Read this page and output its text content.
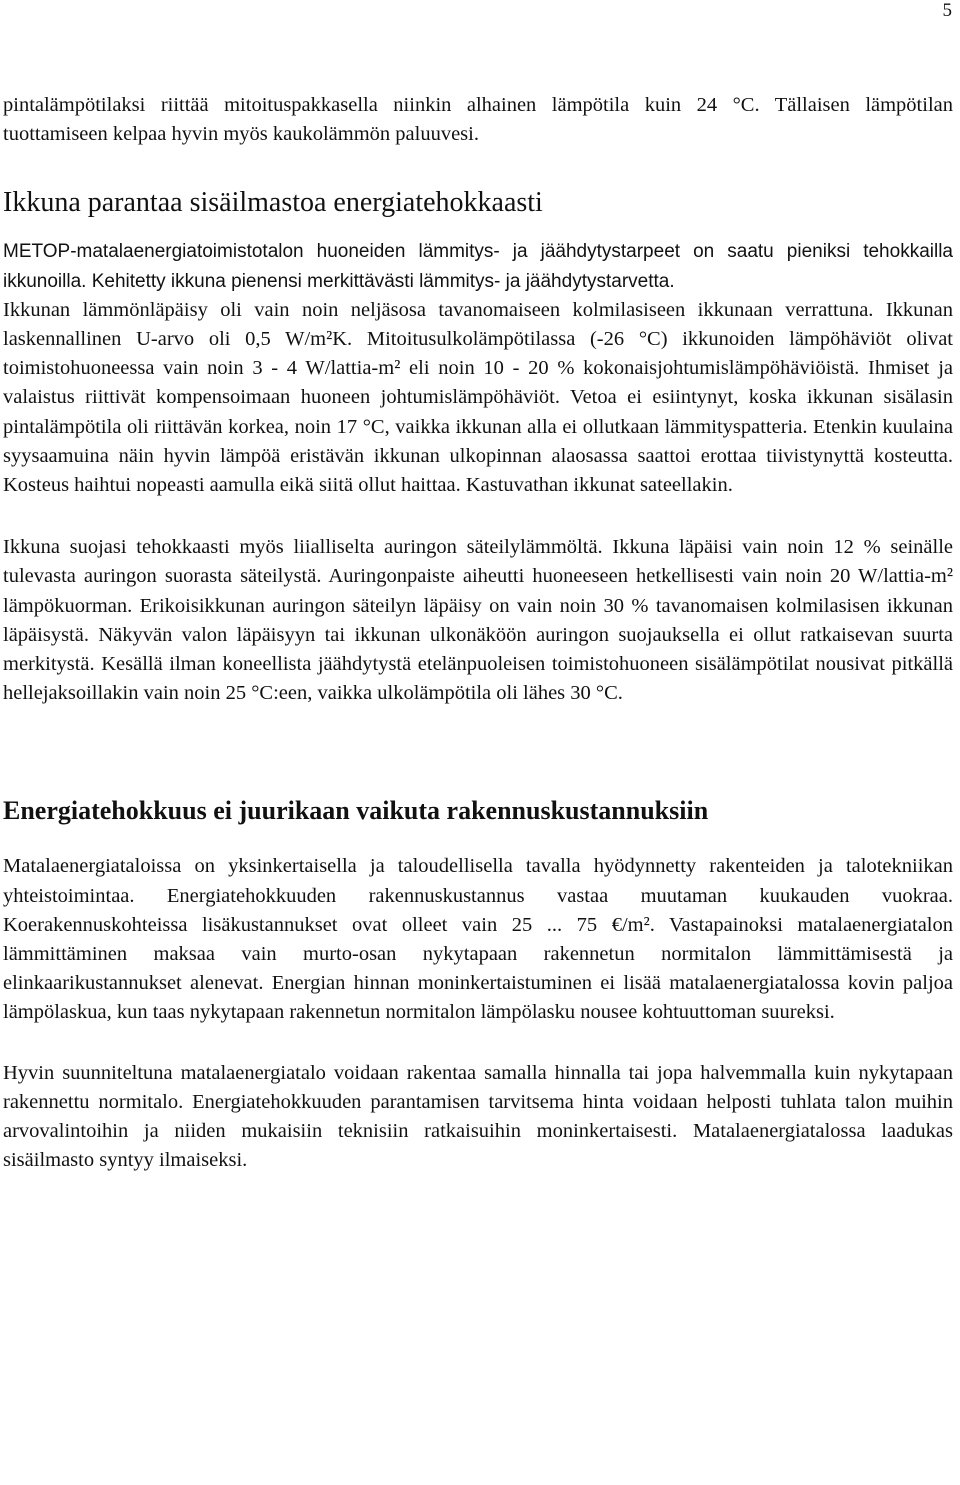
5

pintalämpötilaksi riittää mitoituspakkasella niinkin alhainen lämpötila kuin 24 °C. Tällaisen lämpötilan tuottamiseen kelpaa hyvin myös kaukolämmön paluuvesi.

Ikkuna parantaa sisäilmastoa energiatehokkaasti

METOP-matalaenergiatoimistotalon huoneiden lämmitys- ja jäähdytystarpeet on saatu pieniksi tehokkailla ikkunoilla. Kehitetty ikkuna pienensi merkittävästi lämmitys- ja jäähdytystarvetta.

Ikkunan lämmönläpäisy oli vain noin neljäsosa tavanomaiseen kolmilasiseen ikkunaan verrattuna. Ikkunan laskennallinen U-arvo oli 0,5 W/m²K. Mitoitusulkolämpötilassa (-26 °C) ikkunoiden lämpöhäviöt olivat toimistohuoneessa vain noin 3 - 4 W/lattia-m² eli noin 10 - 20 % kokonaisjohtumislämpöhäviöistä. Ihmiset ja valaistus riittivät kompensoimaan huoneen johtumislämpöhäviöt. Vetoa ei esiintynyt, koska ikkunan sisälasin pintalämpötila oli riittävän korkea, noin 17 °C, vaikka ikkunan alla ei ollutkaan lämmityspatteria. Etenkin kuulaina syysaamuina näin hyvin lämpöä eristävän ikkunan ulkopinnan alaosassa saattoi erottaa tiivistynyttä kosteutta. Kosteus haihtui nopeasti aamulla eikä siitä ollut haittaa. Kastuvathan ikkunat sateellakin.

Ikkuna suojasi tehokkaasti myös liialliselta auringon säteilylämmöltä. Ikkuna läpäisi vain noin 12 % seinälle tulevasta auringon suorasta säteilystä. Auringonpaiste aiheutti huoneeseen hetkellisesti vain noin 20 W/lattia-m² lämpökuorman. Erikoisikkunan auringon säteilyn läpäisy on vain noin 30 % tavanomaisen kolmilasisen ikkunan läpäisystä. Näkyvän valon läpäisyyn tai ikkunan ulkonäköön auringon suojauksella ei ollut ratkaisevan suurta merkitystä. Kesällä ilman koneellista jäähdytystä etelänpuoleisen toimistohuoneen sisälämpötilat nousivat pitkällä hellejaksoillakin vain noin 25 °C:een, vaikka ulkolämpötila oli lähes 30 °C.

Energiatehokkuus ei juurikaan vaikuta rakennuskustannuksiin

Matalaenergiataloissa on yksinkertaisella ja taloudellisella tavalla hyödynnetty rakenteiden ja talotekniikan yhteistoimintaa. Energiatehokkuuden rakennuskustannus vastaa muutaman kuukauden vuokraa. Koerakennuskohteissa lisäkustannukset ovat olleet vain 25 ... 75 €/m². Vastapainoksi matalaenergiatalon lämmittäminen maksaa vain murto-osan nykytapaan rakennetun normitalon lämmittämisestä ja elinkaarikustannukset alenevat. Energian hinnan moninkertaistuminen ei lisää matalaenergiatalossa kovin paljoa lämpölaskua, kun taas nykytapaan rakennetun normitalon lämpölasku nousee kohtuuttoman suureksi.

Hyvin suunniteltuna matalaenergiatalo voidaan rakentaa samalla hinnalla tai jopa halvemmalla kuin nykytapaan rakennettu normitalo. Energiatehokkuuden parantamisen tarvitsema hinta voidaan helposti tuhlata talon muihin arvovalintoihin ja niiden mukaisiin teknisiin ratkaisuihin moninkertaisesti. Matalaenergiatalossa laadukas sisäilmasto syntyy ilmaiseksi.
